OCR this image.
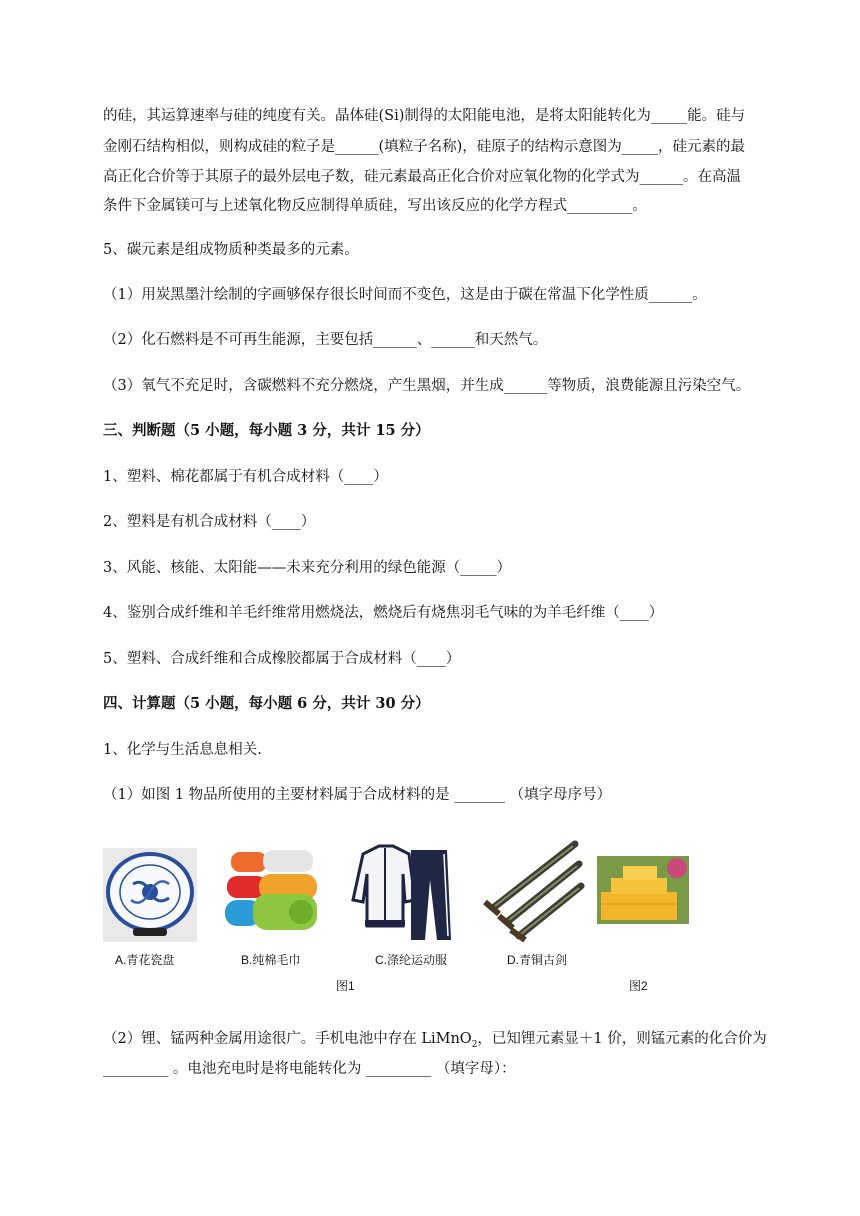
的硅，其运算速率与硅的纯度有关。晶体硅(Si)制得的太阳能电池，是将太阳能转化为_____能。硅与
金刚石结构相似，则构成硅的粒子是______(填粒子名称)，硅原子的结构示意图为_____，硅元素的最
高正化合价等于其原子的最外层电子数，硅元素最高正化合价对应氧化物的化学式为______。在高温
条件下金属镁可与上述氧化物反应制得单质硅，写出该反应的化学方程式_________。
5、碳元素是组成物质种类最多的元素。
（1）用炭黑墨汁绘制的字画够保存很长时间而不变色，这是由于碳在常温下化学性质______。
（2）化石燃料是不可再生能源，主要包括______、______和天然气。
（3）氧气不充足时，含碳燃料不充分燃烧，产生黑烟，并生成______等物质，浪费能源且污染空气。
三、判断题（5 小题，每小题 3 分，共计 15 分）
1、塑料、棉花都属于有机合成材料（____）
2、塑料是有机合成材料（____）
3、风能、核能、太阳能——未来充分利用的绿色能源（_____）
4、鉴别合成纤维和羊毛纤维常用燃烧法，燃烧后有烧焦羽毛气味的为羊毛纤维（____）
5、塑料、合成纤维和合成橡胶都属于合成材料（____）
四、计算题（5 小题，每小题 6 分，共计 30 分）
1、化学与生活息息相关.
（1）如图 1 物品所使用的主要材料属于合成材料的是 _______ （填字母序号）
A.青花瓷盘	B.纯棉毛巾	C.涤纶运动服	D.青铜古剑
图1	图2
（2）锂、锰两种金属用途很广。手机电池中存在 LiMnO$_2$，已知锂元素显＋1 价，则锰元素的化合价为
_________ 。电池充电时是将电能转化为 _________ （填字母）：
